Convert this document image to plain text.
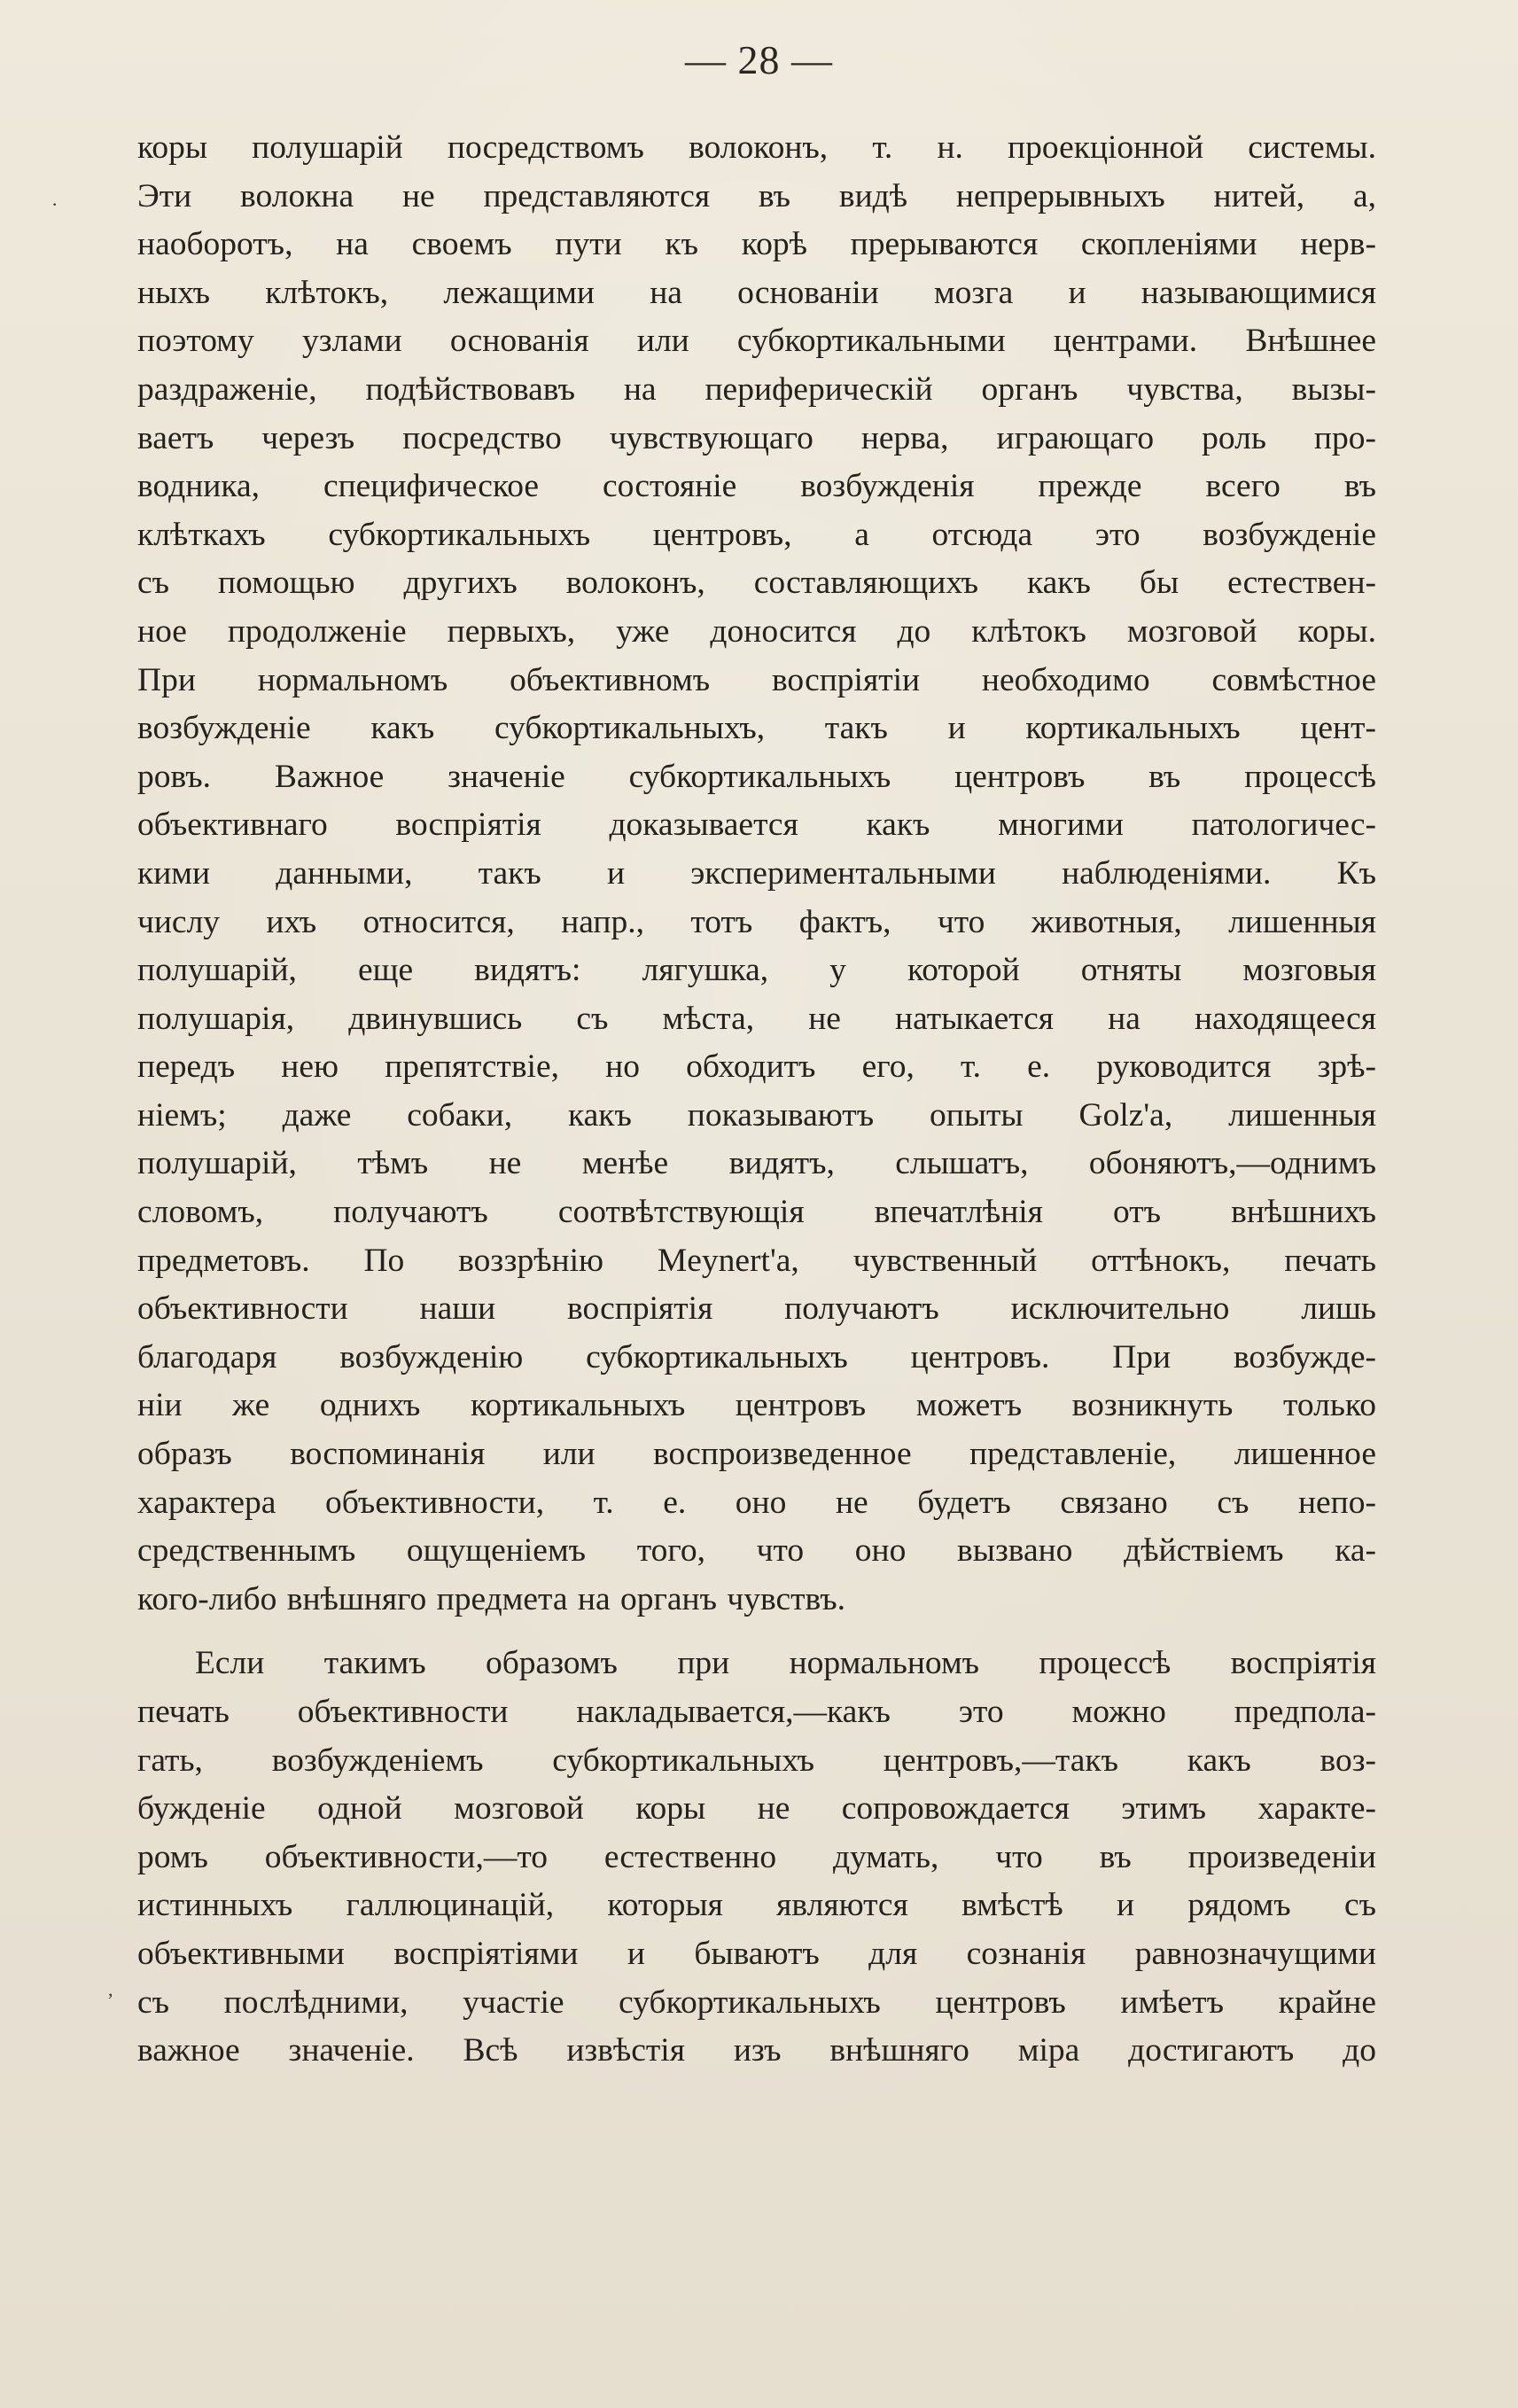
— 28 —
·
,
коры полушарій посредствомъ волоконъ, т. н. проекціонной системы.
Эти волокна не представляются въ видѣ непрерывныхъ нитей, а,
наоборотъ, на своемъ пути къ корѣ прерываются скопленіями нерв-
ныхъ клѣтокъ, лежащими на основаніи мозга и называющимися
поэтому узлами основанія или субкортикальными центрами. Внѣшнее
раздраженіе, подѣйствовавъ на периферическій органъ чувства, вызы-
ваетъ черезъ посредство чувствующаго нерва, играющаго роль про-
водника, специфическое состояніе возбужденія прежде всего въ
клѣткахъ субкортикальныхъ центровъ, а отсюда это возбужденіе
съ помощью другихъ волоконъ, составляющихъ какъ бы естествен-
ное продолженіе первыхъ, уже доносится до клѣтокъ мозговой коры.
При нормальномъ объективномъ воспріятіи необходимо совмѣстное
возбужденіе какъ субкортикальныхъ, такъ и кортикальныхъ цент-
ровъ. Важное значеніе субкортикальныхъ центровъ въ процессѣ
объективнаго воспріятія доказывается какъ многими патологичес-
кими данными, такъ и экспериментальными наблюденіями. Къ
числу ихъ относится, напр., тотъ фактъ, что животныя, лишенныя
полушарій, еще видятъ: лягушка, у которой отняты мозговыя
полушарія, двинувшись съ мѣста, не натыкается на находящееся
передъ нею препятствіе, но обходитъ его, т. е. руководится зрѣ-
ніемъ; даже собаки, какъ показываютъ опыты Golz'a, лишенныя
полушарій, тѣмъ не менѣе видятъ, слышатъ, обоняютъ,—однимъ
словомъ, получаютъ соотвѣтствующія впечатлѣнія отъ внѣшнихъ
предметовъ. По воззрѣнію Meynert'a, чувственный оттѣнокъ, печать
объективности наши воспріятія получаютъ исключительно лишь
благодаря возбужденію субкортикальныхъ центровъ. При возбужде-
ніи же однихъ кортикальныхъ центровъ можетъ возникнуть только
образъ воспоминанія или воспроизведенное представленіе, лишенное
характера объективности, т. е. оно не будетъ связано съ непо-
средственнымъ ощущеніемъ того, что оно вызвано дѣйствіемъ ка-
кого-либо внѣшняго предмета на органъ чувствъ.
Если такимъ образомъ при нормальномъ процессѣ воспріятія
печать объективности накладывается,—какъ это можно предпола-
гать, возбужденіемъ субкортикальныхъ центровъ,—такъ какъ воз-
бужденіе одной мозговой коры не сопровождается этимъ характе-
ромъ объективности,—то естественно думать, что въ произведеніи
истинныхъ галлюцинацій, которыя являются вмѣстѣ и рядомъ съ
объективными воспріятіями и бываютъ для сознанія равнозначущими
съ послѣдними, участіе субкортикальныхъ центровъ имѣетъ крайне
важное значеніе. Всѣ извѣстія изъ внѣшняго міра достигаютъ до
